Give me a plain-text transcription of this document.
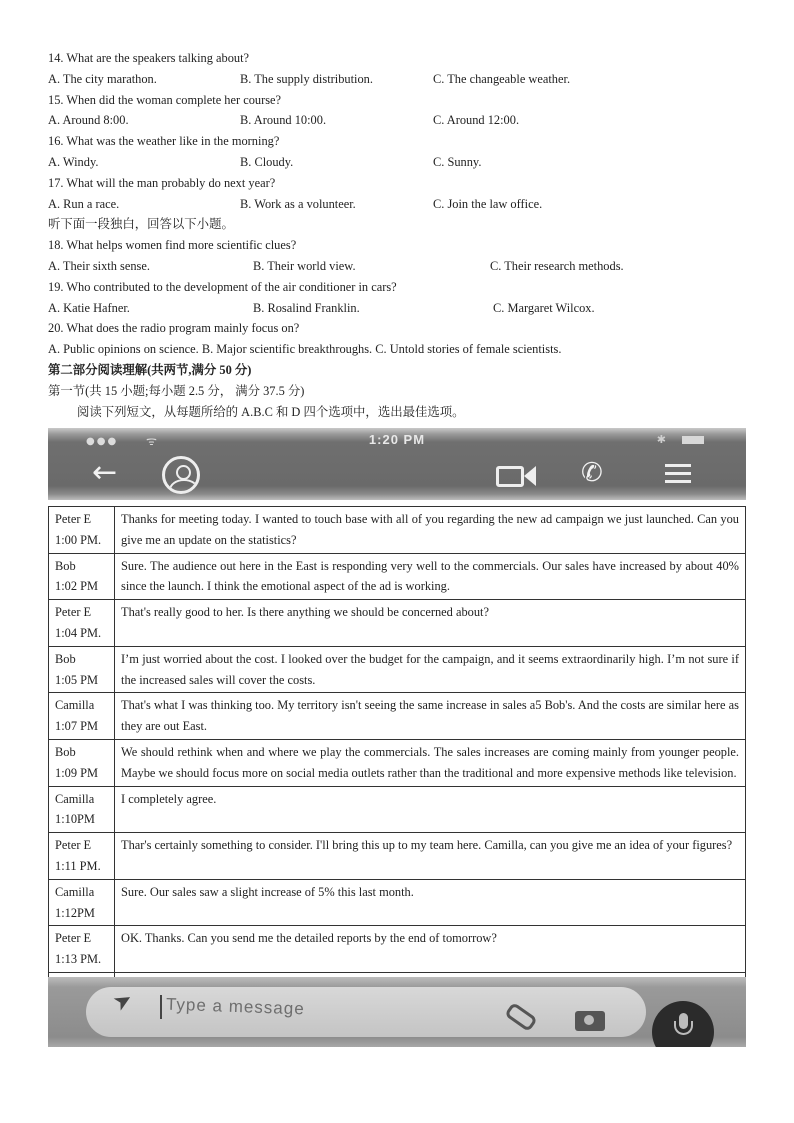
14. What are the speakers talking about?
A. The city marathon.	B. The supply distribution.	C. The changeable weather.
15. When did the woman complete her course?
A. Around 8:00.	B. Around 10:00.	C. Around 12:00.
16. What was the weather like in the morning?
A. Windy.	B. Cloudy.	C. Sunny.
17. What will the man probably do next year?
A. Run a race.	B. Work as a volunteer.	C. Join the law office.
听下面一段独白，回答以下小题。
18. What helps women find more scientific clues?
A. Their sixth sense.	B. Their world view.	C. Their research methods.
19. Who contributed to the development of the air conditioner in cars?
A. Katie Hafner.	B. Rosalind Franklin.	C. Margaret Wilcox.
20. What does the radio program mainly focus on?
A. Public opinions on science. B. Major scientific breakthroughs. C. Untold stories of female scientists.
第二部分阅读理解(共两节,满分 50 分)
第一节(共 15 小题;每小题 2.5 分， 满分 37.5 分)
阅读下列短文，从每题所给的 A.B.C 和 D 四个选项中，选出最佳选项。
●●● ᯤ	1:20 PM	✱
←	✆
Peter E
1:00 PM.	Thanks for meeting today. I wanted to touch base with all of you regarding the new ad campaign we just launched. Can you give me an update on the statistics?

Bob
1:02 PM	Sure. The audience out here in the East is responding very well to the commercials. Our sales have increased by about 40% since the launch. I think the emotional aspect of the ad is working.

Peter E
1:04 PM.	That's really good to her. Is there anything we should be concerned about?

Bob
1:05 PM	I’m just worried about the cost. I looked over the budget for the campaign, and it seems extraordinarily high. I’m not sure if the increased sales will cover the costs.

Camilla
1:07 PM	That's what I was thinking too. My territory isn't seeing the same increase in sales a5 Bob's. And the costs are similar here as they are out East.

Bob
1:09 PM	We should rethink when and where we play the commercials. The sales increases are coming mainly from younger people. Maybe we should focus more on social media outlets rather than the traditional and more expensive methods like television.

Camilla
1:10PM	I completely agree.

Peter E
1:11 PM.	Thar's certainly something to consider. I'll bring this up to my team here. Camilla, can you give me an idea of your figures?

Camilla
1:12PM	Sure. Our sales saw a slight increase of 5% this last month.

Peter E
1:13 PM.	OK. Thanks. Can you send me the detailed reports by the end of tomorrow?

➤ Type a message
